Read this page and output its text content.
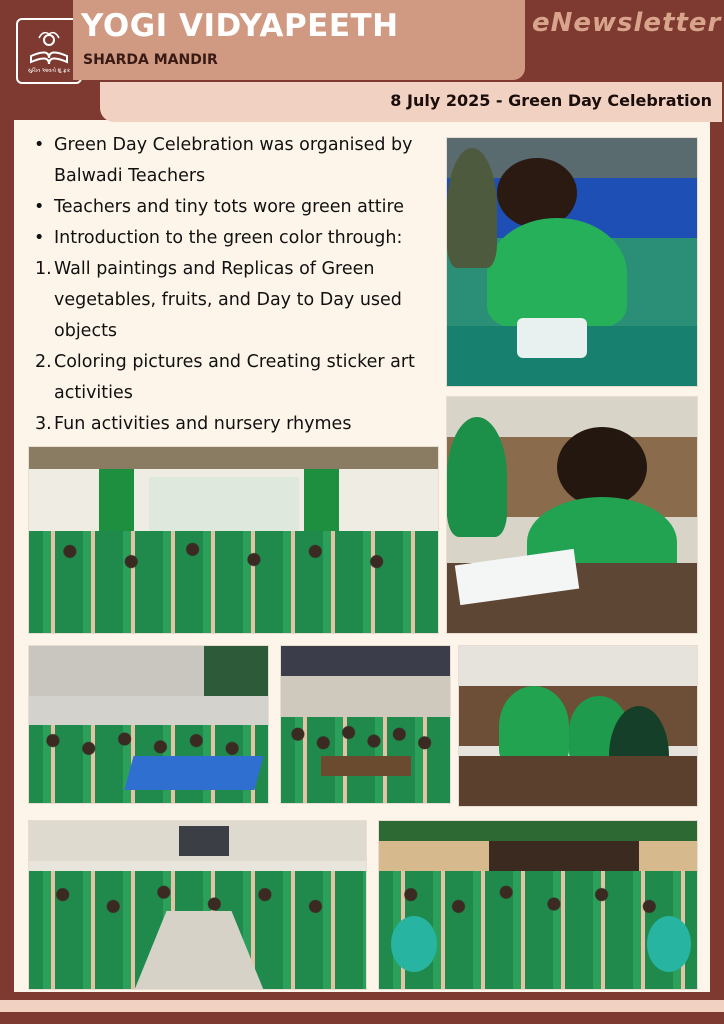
સુચિત આવતો શું ફ્રક
YOGI VIDYAPEETH
SHARDA MANDIR
eNewsletter
8 July 2025 - Green Day Celebration
• Green Day Celebration was organised by Balwadi Teachers
• Teachers and tiny tots wore green attire
• Introduction to the green color through:
1. Wall paintings and Replicas of Green vegetables, fruits, and Day to Day used objects
2. Coloring pictures and Creating sticker art activities
3. Fun activities and nursery rhymes
